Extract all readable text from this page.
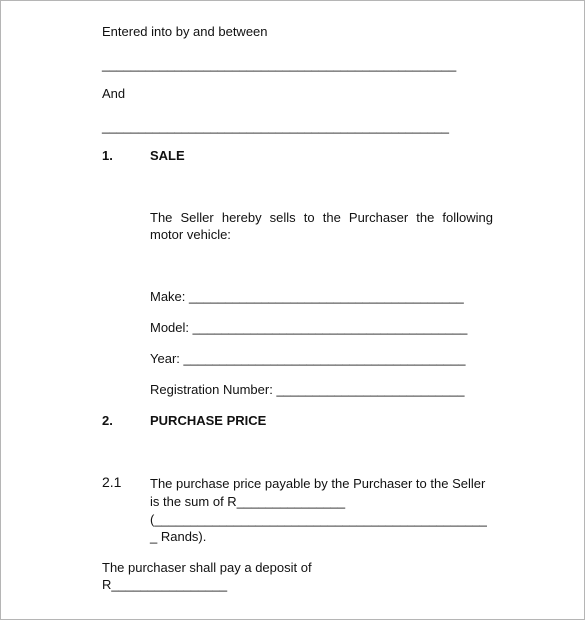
Entered into by and between
_________________________________________________
And
________________________________________________
1.	SALE
The Seller hereby sells to the Purchaser the following
motor vehicle:
Make: ______________________________________
Model: ______________________________________
Year: _______________________________________
Registration Number: __________________________
2.	PURCHASE PRICE
2.1 The purchase price payable by the Purchaser to the Seller
is the sum of R_______________
(______________________________________________
_ Rands).
The purchaser shall pay a deposit of
R________________
